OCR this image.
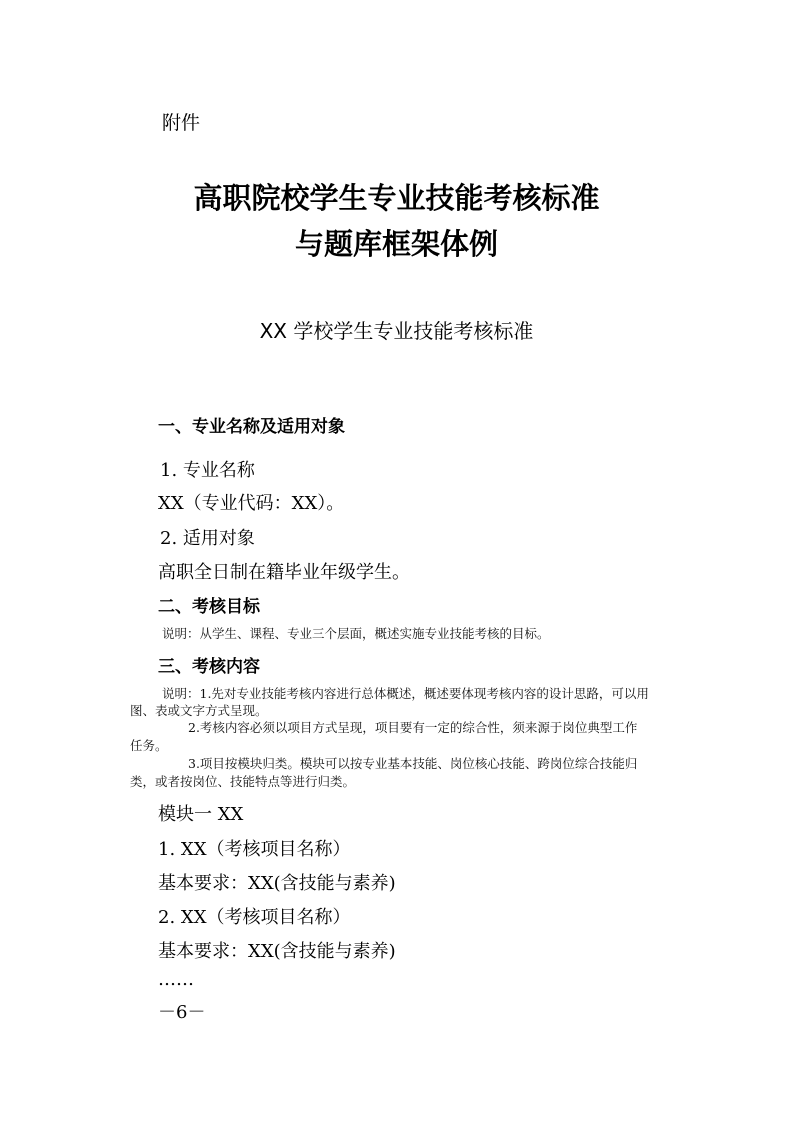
附件
高职院校学生专业技能考核标准
与题库框架体例
XX 学校学生专业技能考核标准
一、专业名称及适用对象
1. 专业名称
XX（专业代码：XX）。
2. 适用对象
高职全日制在籍毕业年级学生。
二、考核目标
说明：从学生、课程、专业三个层面，概述实施专业技能考核的目标。
三、考核内容
说明：1.先对专业技能考核内容进行总体概述，概述要体现考核内容的设计思路，可以用
图、表或文字方式呈现。
2.考核内容必须以项目方式呈现，项目要有一定的综合性，须来源于岗位典型工作
任务。
3.项目按模块归类。模块可以按专业基本技能、岗位核心技能、跨岗位综合技能归
类，或者按岗位、技能特点等进行归类。
模块一 XX
1. XX（考核项目名称）
基本要求：XX(含技能与素养)
2. XX（考核项目名称）
基本要求：XX(含技能与素养)
……
－6－
